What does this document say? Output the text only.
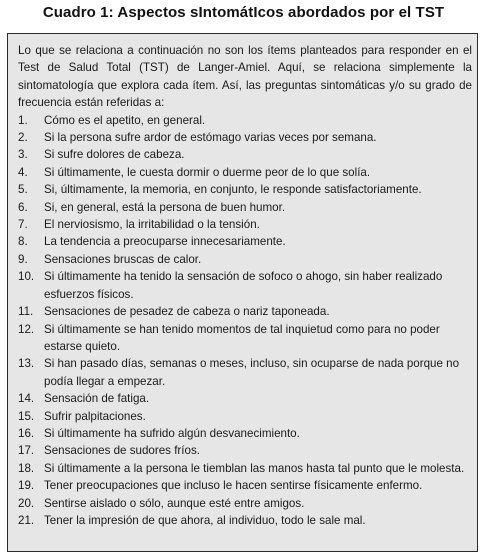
Cuadro 1: Aspectos sIntomátIcos abordados por el TST

Lo que se relaciona a continuación no son los ítems planteados para responder en el Test de Salud Total (TST) de Langer-Amiel. Aquí, se relaciona simplemente la sintomatología que explora cada ítem. Así, las preguntas sintomáticas y/o su grado de frecuencia están referidas a:

1.	Cómo es el apetito, en general.
2.	Si la persona sufre ardor de estómago varias veces por semana.
3.	Si sufre dolores de cabeza.
4.	Si últimamente, le cuesta dormir o duerme peor de lo que solía.
5.	Si, últimamente, la memoria, en conjunto, le responde satisfactoriamente.
6.	Si, en general, está la persona de buen humor.
7.	El nerviosismo, la irritabilidad o la tensión.
8.	La tendencia a preocuparse innecesariamente.
9.	Sensaciones bruscas de calor.
10. Si últimamente ha tenido la sensación de sofoco o ahogo, sin haber realizado esfuerzos físicos.
11. Sensaciones de pesadez de cabeza o nariz taponeada.
12. Si últimamente se han tenido momentos de tal inquietud como para no poder estarse quieto.
13. Si han pasado días, semanas o meses, incluso, sin ocuparse de nada porque no podía llegar a empezar.
14. Sensación de fatiga.
15. Sufrir palpitaciones.
16. Si últimamente ha sufrido algún desvanecimiento.
17. Sensaciones de sudores fríos.
18. Si últimamente a la persona le tiemblan las manos hasta tal punto que le molesta.
19. Tener preocupaciones que incluso le hacen sentirse físicamente enfermo.
20. Sentirse aislado o sólo, aunque esté entre amigos.
21. Tener la impresión de que ahora, al individuo, todo le sale mal.
